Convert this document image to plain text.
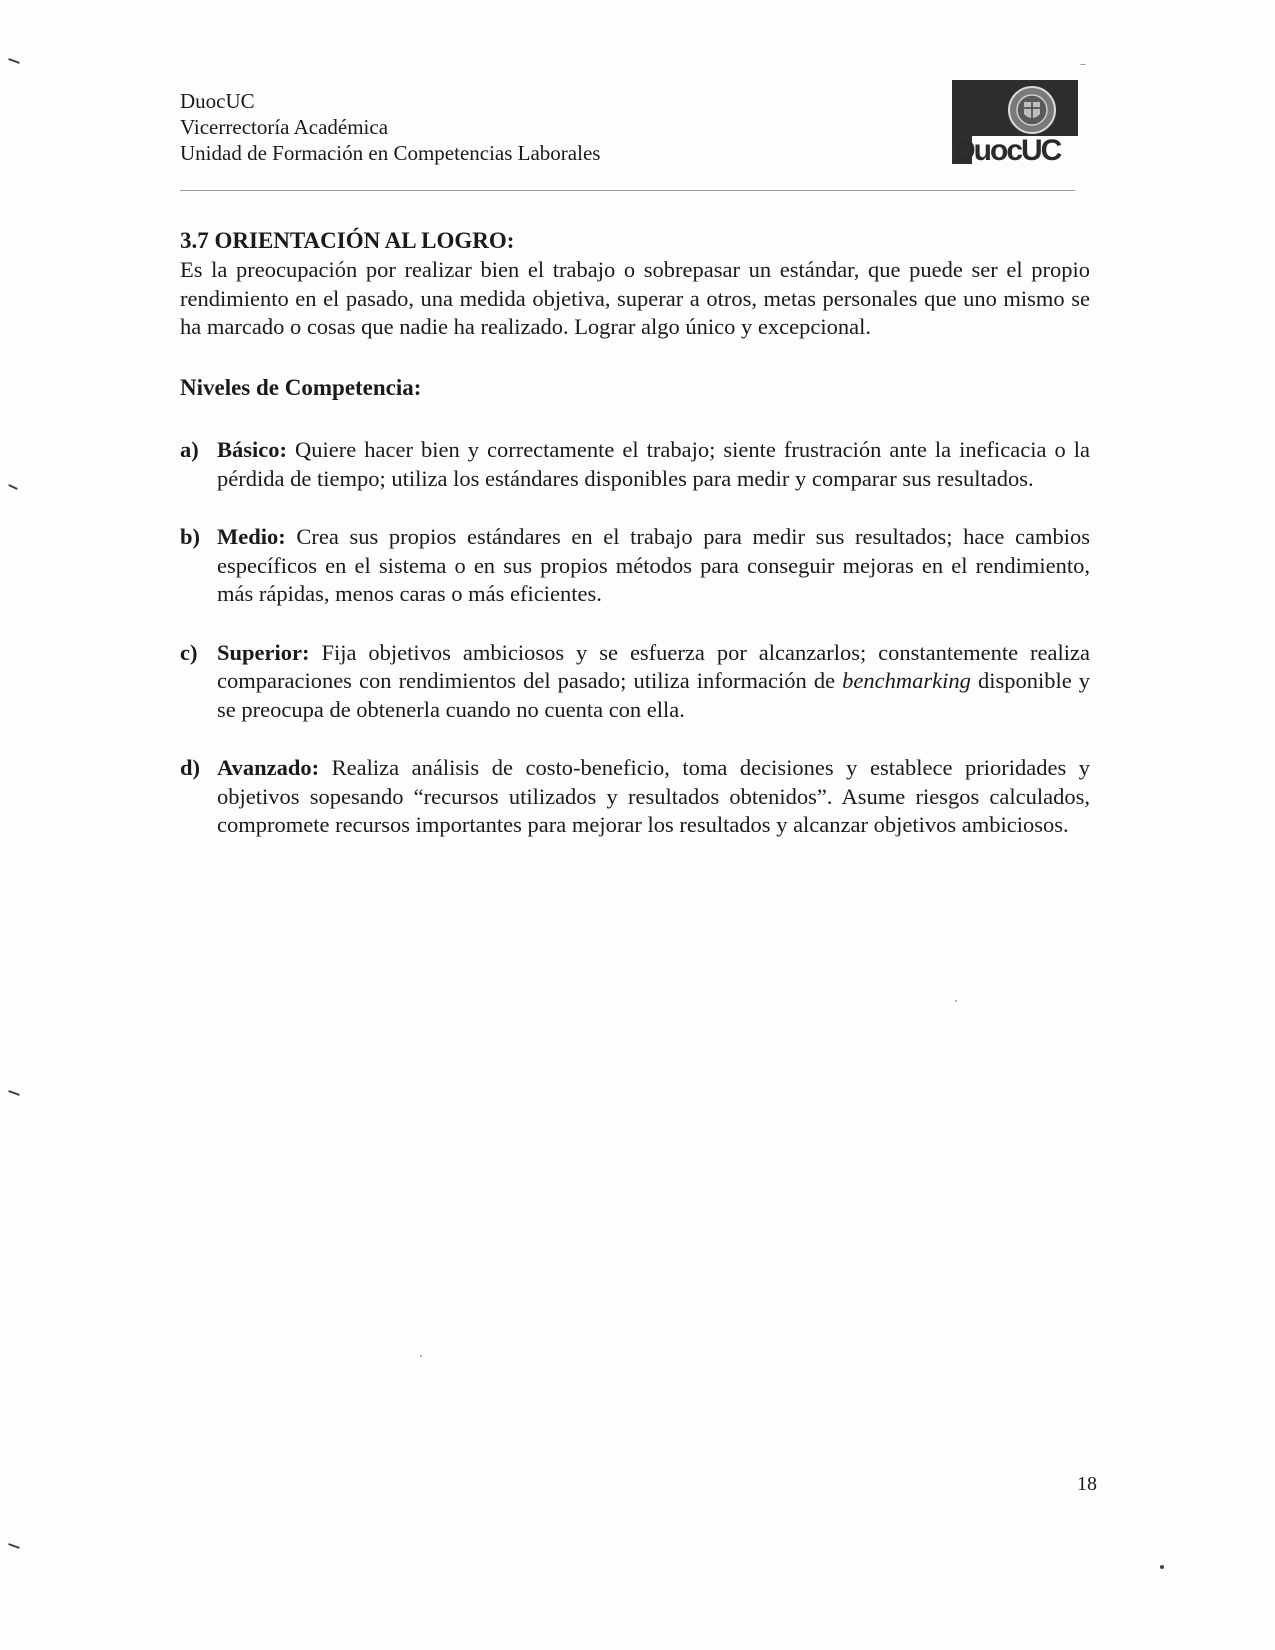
DuocUC
Vicerrectoría Académica
Unidad de Formación en Competencias Laborales	DuocUC
3.7 ORIENTACIÓN AL LOGRO:

Es la preocupación por realizar bien el trabajo o sobrepasar un estándar, que puede ser el propio rendimiento en el pasado, una medida objetiva, superar a otros, metas personales que uno mismo se ha marcado o cosas que nadie ha realizado. Lograr algo único y excepcional.

Niveles de Competencia:

a) Básico: Quiere hacer bien y correctamente el trabajo; siente frustración ante la ineficacia o la pérdida de tiempo; utiliza los estándares disponibles para medir y comparar sus resultados.
b) Medio: Crea sus propios estándares en el trabajo para medir sus resultados; hace cambios específicos en el sistema o en sus propios métodos para conseguir mejoras en el rendimiento, más rápidas, menos caras o más eficientes.
c) Superior: Fija objetivos ambiciosos y se esfuerza por alcanzarlos; constantemente realiza comparaciones con rendimientos del pasado; utiliza información de benchmarking disponible y se preocupa de obtenerla cuando no cuenta con ella.
d) Avanzado: Realiza análisis de costo-beneficio, toma decisiones y establece prioridades y objetivos sopesando “recursos utilizados y resultados obtenidos”. Asume riesgos calculados, compromete recursos importantes para mejorar los resultados y alcanzar objetivos ambiciosos.
18
